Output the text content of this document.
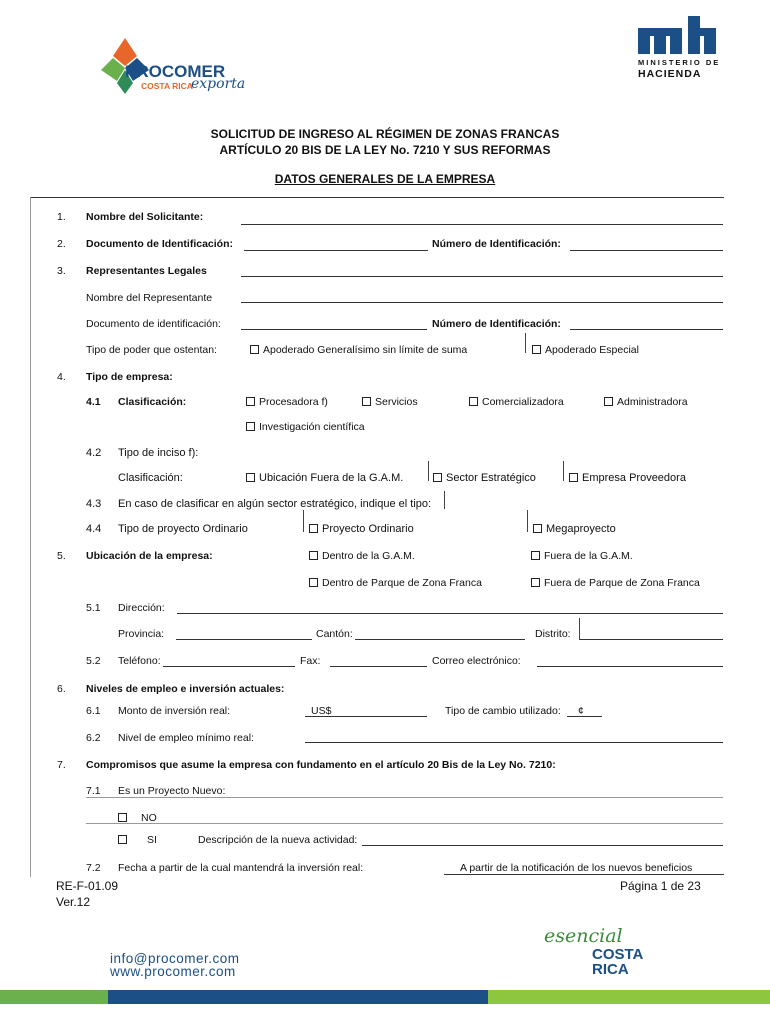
PROCOMER
COSTA RICA
exporta
MINISTERIO DE
HACIENDA
SOLICITUD DE INGRESO AL RÉGIMEN DE ZONAS FRANCAS
ARTÍCULO 20 BIS DE LA LEY No. 7210 Y SUS REFORMAS
DATOS GENERALES DE LA EMPRESA
1. Nombre del Solicitante:
2. Documento de Identificación:	Número de Identificación:
3. Representantes Legales
Nombre del Representante
Documento de identificación:	Número de Identificación:
Tipo de poder que ostentan:	Apoderado Generalísimo sin límite de suma	Apoderado Especial
4. Tipo de empresa:
4.1 Clasificación:	Procesadora f)	Servicios	Comercializadora	Administradora
Investigación científica
4.2 Tipo de inciso f):
Clasificación:	Ubicación Fuera de la G.A.M.	Sector Estratégico	Empresa Proveedora
4.3 En caso de clasificar en algún sector estratégico, indique el tipo:
4.4 Tipo de proyecto Ordinario	Proyecto Ordinario	Megaproyecto
5. Ubicación de la empresa:	Dentro de la G.A.M.	Fuera de la G.A.M.
Dentro de Parque de Zona Franca	Fuera de Parque de Zona Franca
5.1 Dirección:
Provincia:	Cantón:	Distrito:
5.2 Teléfono:	Fax:	Correo electrónico:
6. Niveles de empleo e inversión actuales:
6.1 Monto de inversión real:	US$	Tipo de cambio utilizado: ¢
6.2 Nivel de empleo mínimo real:
7. Compromisos que asume la empresa con fundamento en el artículo 20 Bis de la Ley No. 7210:
7.1 Es un Proyecto Nuevo:
NO
SI	Descripción de la nueva actividad:
7.2 Fecha a partir de la cual mantendrá la inversión real:	A partir de la notificación de los nuevos beneficios
RE-F-01.09
Ver.12
Página 1 de 23
info@procomer.com
www.procomer.com
esencial
COSTA
RICA
